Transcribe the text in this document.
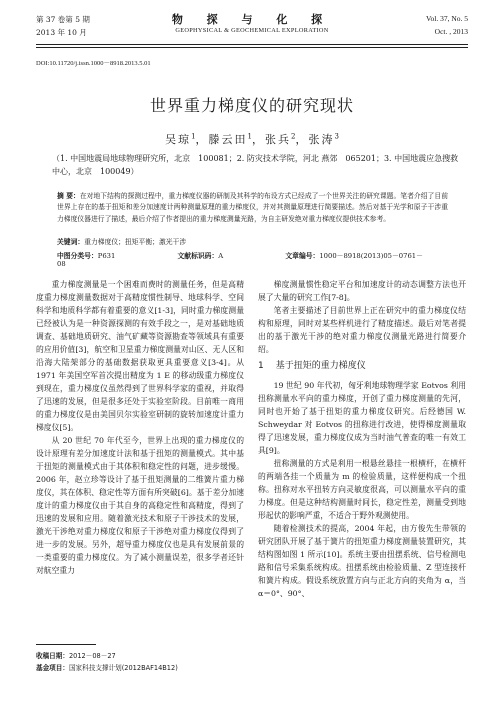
第 37 卷第 5 期
2013 年 10 月
物 探 与 化 探
GEOPHYSICAL & GEOCHEMICAL EXPLORATION
Vol. 37, No. 5
Oct. , 2013
DOI:10.11720/j.issn.1000－8918.2013.5.01
世界重力梯度仪的研究现状
吴琼$^1$，滕云田$^1$，张兵$^2$，张涛$^3$
（1. 中国地震局地球物理研究所，北京　100081；2. 防灾技术学院，河北 燕郊　065201；3. 中国地震应急搜救中心，北京　100049）
摘 要：在对地下结构的探测过程中，重力梯度仪器的研制及其科学的布设方式已经成了一个世界关注的研究课题。笔者介绍了目前世界上存在的基于扭矩和差分加速度计两种测量原理的重力梯度仪，并对其测量原理进行简要描述。然后对基于光学和原子干涉重力梯度仪器进行了描述，最后介绍了作者提出的重力梯度测量光路，为自主研发绝对重力梯度仪提供技术参考。
关键词：重力梯度仪；扭矩平衡；激光干涉
中图分类号：P631	文献标识码：A	文章编号：1000－8918(2013)05－0761－08

重力梯度测量是一个困难而费时的测量任务，但是高精度重力梯度测量数据对于高精度惯性制导、地球科学、空间科学和地质科学都有着重要的意义[1-3]，同时重力梯度测量已经被认为是一种资源探测的有效手段之一，是对基础地质调查、基础地质研究、油气矿藏等资源勘查等领域具有重要的应用价值[3]，航空和卫星重力梯度测量对山区、无人区和沿海大陆架部分的基础数据获取更具重要意义[3-4]。从 1971 年美国空军首次提出精度为 1 E 的移动级重力梯度仪到现在，重力梯度仪虽然得到了世界科学家的重视，并取得了迅速的发展，但是很多还处于实验室阶段。目前唯一商用的重力梯度仪是由美国贝尔实验室研制的旋转加速度计重力梯度仪[5]。

从 20 世纪 70 年代至今，世界上出现的重力梯度仪的设计原理有差分加速度计法和基于扭矩的测量模式。其中基于扭矩的测量模式由于其体积和稳定性的问题，进步缓慢。2006 年，赵立珍等设计了基于扭矩测量的二维簧片重力梯度仪，其在体积、稳定性等方面有所突破[6]。基于差分加速度计的重力梯度仪由于其自身的高稳定性和高精度，得到了迅速的发展和应用。随着激光技术和原子干涉技术的发展，激光干涉绝对重力梯度仪和原子干涉绝对重力梯度仪得到了进一步的发展。另外，超导重力梯度仪也是具有发展前景的一类重要的重力梯度仪。为了减小测量误差，很多学者还针对航空重力

梯度测量惯性稳定平台和加速度计的动态调整方法也开展了大量的研究工作[7-8]。

笔者主要描述了目前世界上正在研究中的重力梯度仪结构和原理，同时对某些样机进行了精度描述。最后对笔者提出的基于激光干涉的绝对重力梯度仪测量光路进行简要介绍。

1 基于扭矩的重力梯度仪

19 世纪 90 年代初，匈牙利地球物理学家 Eotvos 利用扭称测量水平向的重力梯度，开创了重力梯度测量的先河，同时也开始了基于扭矩的重力梯度仪研究。后经德国 W. Schweydar 对 Eotvos 的扭称进行改进，使得梯度测量取得了迅速发展，重力梯度仪成为当时油气普查的唯一有效工具[9]。

扭称测量的方式是利用一根悬丝悬挂一根横杆，在横杆的两端各挂一个质量为 m 的检验质量，这样便构成一个扭称。扭称对水平扭转方向灵敏度很高，可以测量水平向的重力梯度。但是这种结构测量时间长，稳定性差，测量受到地形起伏的影响严重，不适合于野外观测使用。

随着检测技术的提高，2004 年起，由方俊先生带领的研究团队开展了基于簧片的扭矩重力梯度测量装置研究，其结构图如图 1 所示[10]。系统主要由扭摆系统、信号检测电路和信号采集系统构成。扭摆系统由检验质量、Z 型连接杆和簧片构成。假设系统放置方向与正北方向的夹角为 α，当 α＝0°、90°、

收稿日期：2012－08－27
基金项目：国家科技支撑计划(2012BAF14B12)
